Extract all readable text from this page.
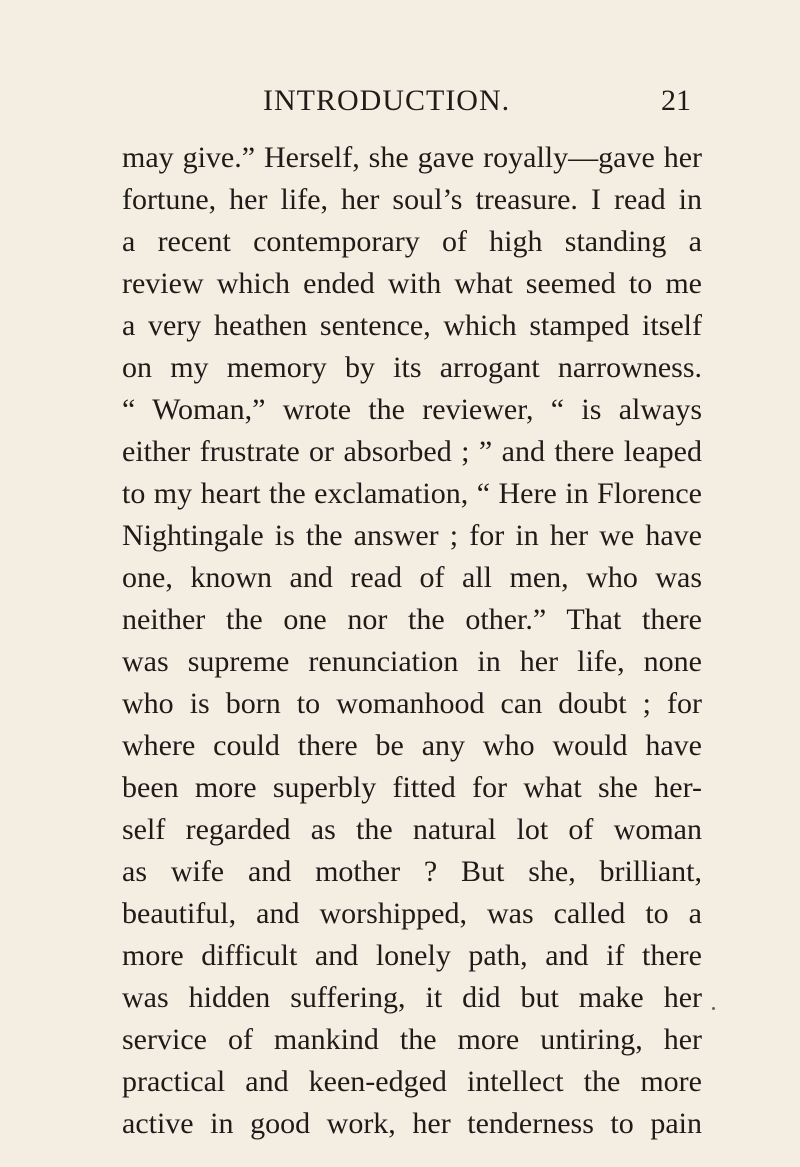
INTRODUCTION.	21
may give.” Herself, she gave royally—gave her
fortune, her life, her soul’s treasure. I read in
a recent contemporary of high standing a
review which ended with what seemed to me
a very heathen sentence, which stamped itself
on my memory by its arrogant narrowness.
“ Woman,” wrote the reviewer, “ is always
either frustrate or absorbed ; ” and there leaped
to my heart the exclamation, “ Here in Florence
Nightingale is the answer ; for in her we have
one, known and read of all men, who was
neither the one nor the other.” That there
was supreme renunciation in her life, none
who is born to womanhood can doubt ; for
where could there be any who would have
been more superbly fitted for what she her-
self regarded as the natural lot of woman
as wife and mother ? But she, brilliant,
beautiful, and worshipped, was called to a
more difficult and lonely path, and if there
was hidden suffering, it did but make her
service of mankind the more untiring, her
practical and keen-edged intellect the more
active in good work, her tenderness to pain
